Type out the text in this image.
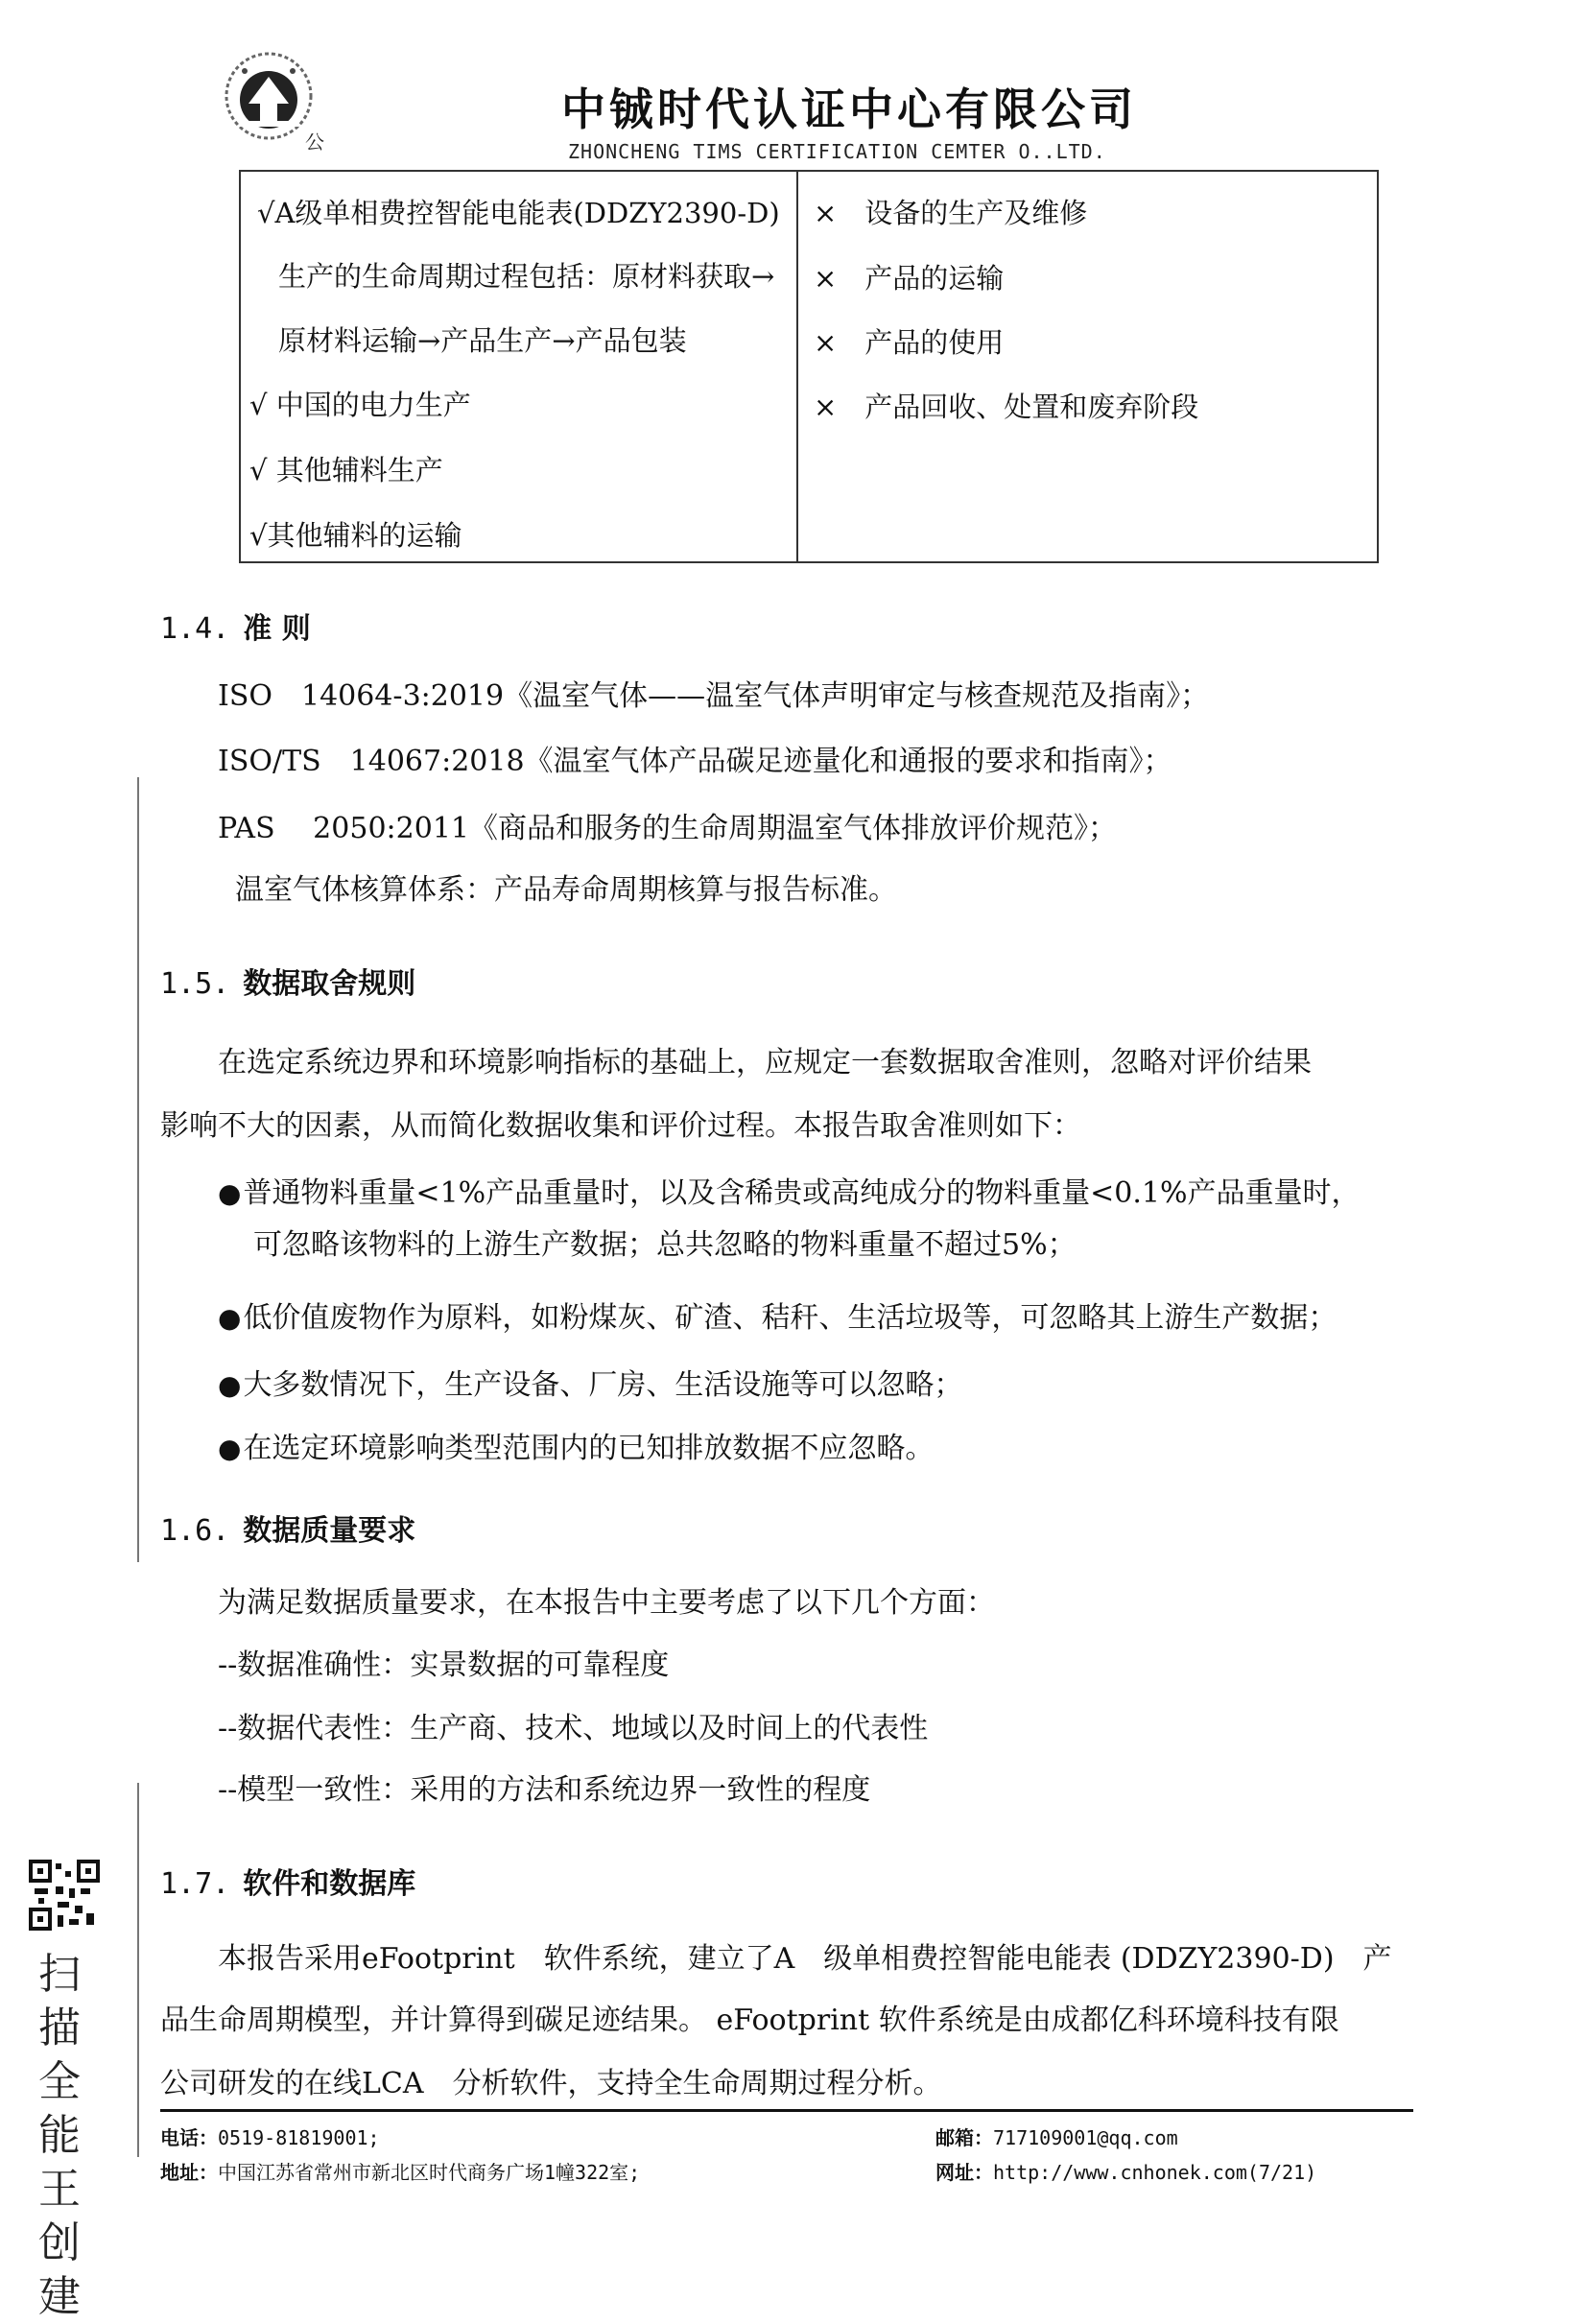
公
中铖时代认证中心有限公司
ZHONCHENG TIMS CERTIFICATION CEMTER O..LTD.
√A级单相费控智能电能表(DDZY2390-D)
生产的生命周期过程包括：原材料获取→
原材料运输→产品生产→产品包装
√ 中国的电力生产
√ 其他辅料生产
√其他辅料的运输
×　设备的生产及维修
×　产品的运输
×　产品的使用
×　产品回收、处置和废弃阶段
1.4. 准 则
ISO　14064-3:2019《温室气体——温室气体声明审定与核查规范及指南》；
ISO/TS　14067:2018《温室气体产品碳足迹量化和通报的要求和指南》；
PAS　 2050:2011《商品和服务的生命周期温室气体排放评价规范》；
温室气体核算体系：产品寿命周期核算与报告标准。
1.5. 数据取舍规则
在选定系统边界和环境影响指标的基础上，应规定一套数据取舍准则，忽略对评价结果
影响不大的因素，从而简化数据收集和评价过程。本报告取舍准则如下：
●普通物料重量<1%产品重量时，以及含稀贵或高纯成分的物料重量<0.1%产品重量时，
可忽略该物料的上游生产数据；总共忽略的物料重量不超过5%；
●低价值废物作为原料，如粉煤灰、矿渣、秸秆、生活垃圾等，可忽略其上游生产数据；
●大多数情况下，生产设备、厂房、生活设施等可以忽略；
●在选定环境影响类型范围内的已知排放数据不应忽略。
1.6. 数据质量要求
为满足数据质量要求，在本报告中主要考虑了以下几个方面：
--数据准确性：实景数据的可靠程度
--数据代表性：生产商、技术、地域以及时间上的代表性
--模型一致性：采用的方法和系统边界一致性的程度
1.7. 软件和数据库
本报告采用eFootprint　软件系统，建立了A　级单相费控智能电能表 (DDZY2390-D)　产
品生命周期模型，并计算得到碳足迹结果。 eFootprint 软件系统是由成都亿科环境科技有限
公司研发的在线LCA　分析软件，支持全生命周期过程分析。
扫描全能王创建
电话：0519-81819001;	邮箱：717109001@qq.com
地址：中国江苏省常州市新北区时代商务广场1幢322室;	网址：http://www.cnhonek.com(7/21)
